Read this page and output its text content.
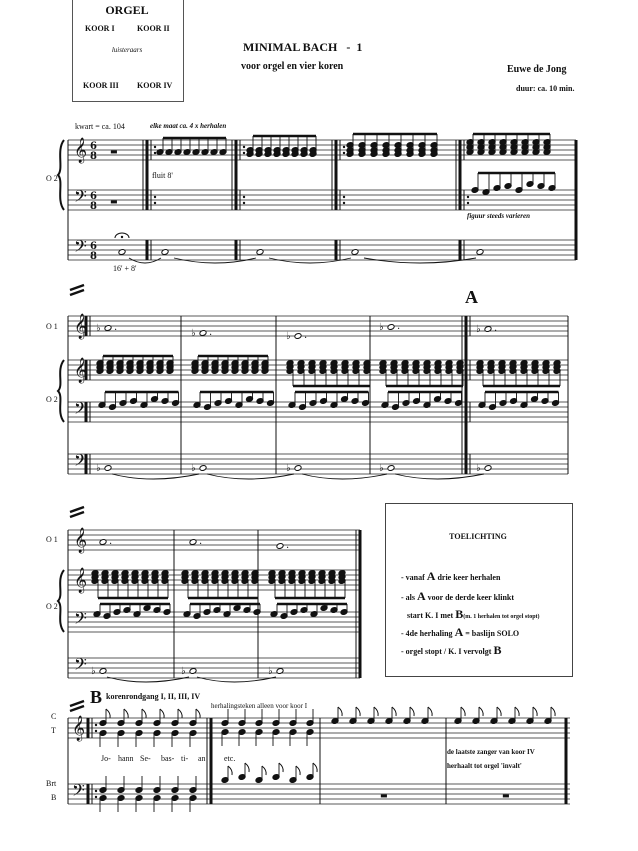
ORGEL
KOOR I	KOOR II
luisteraars
KOOR III KOOR IV
MINIMAL BACH   -  1
voor orgel en vier koren	Euwe de Jong
duur: ca. 10 min.
kwart = ca. 104	elke maat ca. 4 x herhalen
O 2	fluit 8'
figuur steeds varieren
16' + 8'
A
O 1
O 2
O 1
O 2
TOELICHTING

- vanaf A drie keer herhalen

- als A voor de derde keer klinkt

start K. I met B(m. 1 herhalen tot orgel stopt)

- 4de herhaling A = baslijn SOLO

- orgel stopt / K. I vervolgt B

B korenrondgang I, II, III, IV
herhalingsteken alleen voor koor I
C
T
Brt
B
Jo- hann Se- bas- ti- an etc.
de laatste zanger van koor IV
herhaalt tot orgel 'invalt'
𝄞
𝄢
𝄢
6
8
6
8
6
8
▬
▬
𝄞
𝄞
𝄢
𝄢
♭ .
♭ .	♭ .
♭ .	♭ .
♭	♭	♭	♭	♭
𝄞
𝄞
𝄢
𝄢
.
♭
.
♭
.
♭
𝄞
𝄢	▬	▬
